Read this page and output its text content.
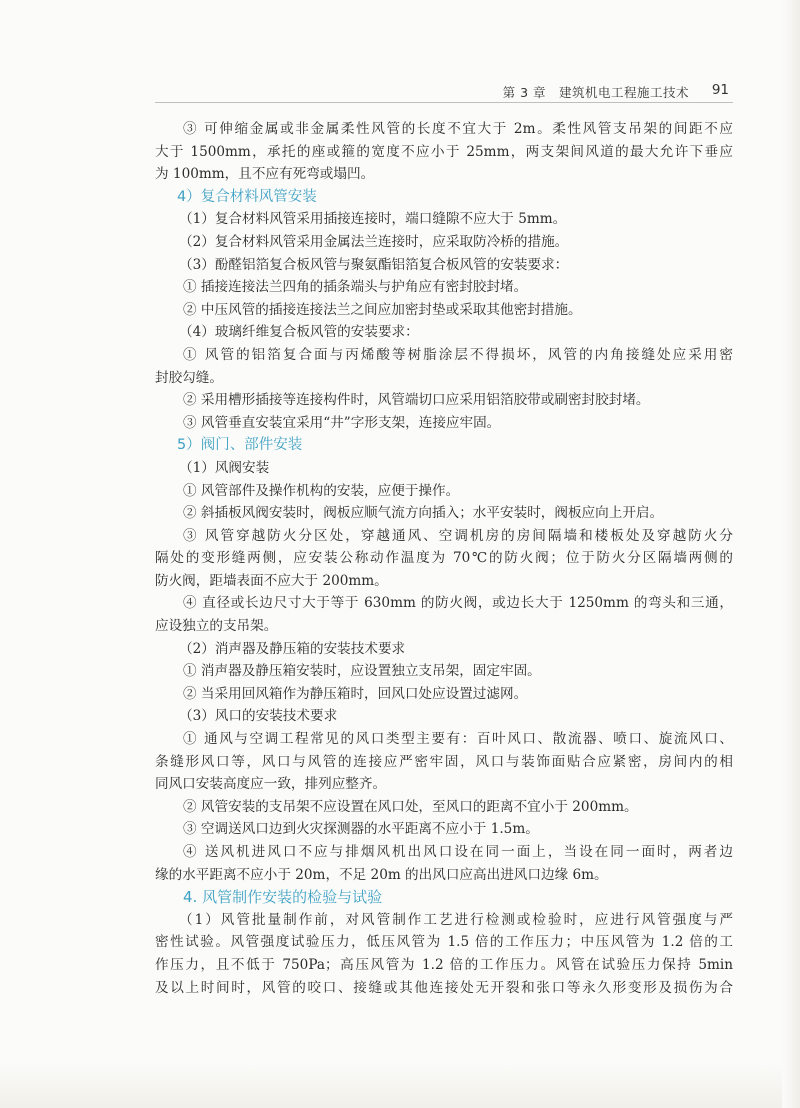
第 3 章　建筑机电工程施工技术 91
③ 可伸缩金属或非金属柔性风管的长度不宜大于 2m。柔性风管支吊架的间距不应
大于 1500mm，承托的座或箍的宽度不应小于 25mm，两支架间风道的最大允许下垂应
为 100mm，且不应有死弯或塌凹。
4）复合材料风管安装
（1）复合材料风管采用插接连接时，端口缝隙不应大于 5mm。
（2）复合材料风管采用金属法兰连接时，应采取防冷桥的措施。
（3）酚醛铝箔复合板风管与聚氨酯铝箔复合板风管的安装要求：
① 插接连接法兰四角的插条端头与护角应有密封胶封堵。
② 中压风管的插接连接法兰之间应加密封垫或采取其他密封措施。
（4）玻璃纤维复合板风管的安装要求：
① 风管的铝箔复合面与丙烯酸等树脂涂层不得损坏，风管的内角接缝处应采用密
封胶勾缝。
② 采用槽形插接等连接构件时，风管端切口应采用铝箔胶带或刷密封胶封堵。
③ 风管垂直安装宜采用“井”字形支架，连接应牢固。
5）阀门、部件安装
（1）风阀安装
① 风管部件及操作机构的安装，应便于操作。
② 斜插板风阀安装时，阀板应顺气流方向插入；水平安装时，阀板应向上开启。
③ 风管穿越防火分区处，穿越通风、空调机房的房间隔墙和楼板处及穿越防火分
隔处的变形缝两侧，应安装公称动作温度为 70℃的防火阀；位于防火分区隔墙两侧的
防火阀，距墙表面不应大于 200mm。
④ 直径或长边尺寸大于等于 630mm 的防火阀，或边长大于 1250mm 的弯头和三通，
应设独立的支吊架。
（2）消声器及静压箱的安装技术要求
① 消声器及静压箱安装时，应设置独立支吊架，固定牢固。
② 当采用回风箱作为静压箱时，回风口处应设置过滤网。
（3）风口的安装技术要求
① 通风与空调工程常见的风口类型主要有：百叶风口、散流器、喷口、旋流风口、
条缝形风口等，风口与风管的连接应严密牢固，风口与装饰面贴合应紧密，房间内的相
同风口安装高度应一致，排列应整齐。
② 风管安装的支吊架不应设置在风口处，至风口的距离不宜小于 200mm。
③ 空调送风口边到火灾探测器的水平距离不应小于 1.5m。
④ 送风机进风口不应与排烟风机出风口设在同一面上，当设在同一面时，两者边
缘的水平距离不应小于 20m，不足 20m 的出风口应高出进风口边缘 6m。
4. 风管制作安装的检验与试验
（1）风管批量制作前，对风管制作工艺进行检测或检验时，应进行风管强度与严
密性试验。风管强度试验压力，低压风管为 1.5 倍的工作压力；中压风管为 1.2 倍的工
作压力，且不低于 750Pa；高压风管为 1.2 倍的工作压力。风管在试验压力保持 5min
及以上时间时，风管的咬口、接缝或其他连接处无开裂和张口等永久形变形及损伤为合
